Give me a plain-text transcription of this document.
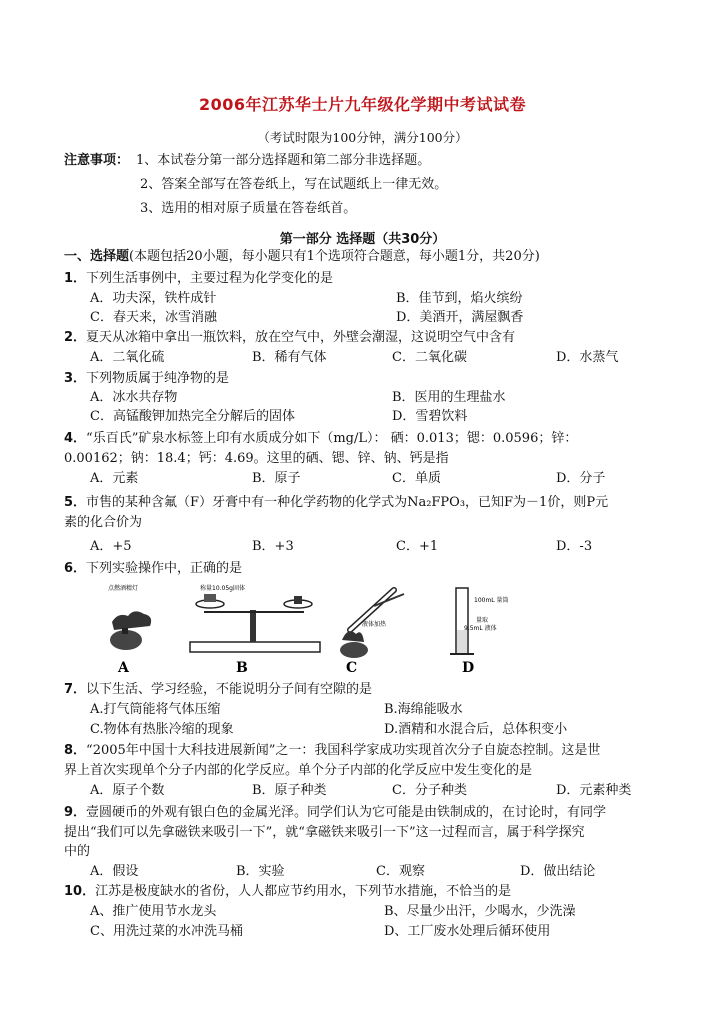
2006年江苏华士片九年级化学期中考试试卷
（考试时限为100分钟，满分100分）
注意事项： 1、本试卷分第一部分选择题和第二部分非选择题。
2、答案全部写在答卷纸上，写在试题纸上一律无效。
3、选用的相对原子质量在答卷纸首。
第一部分 选择题（共30分）
一、选择题(本题包括20小题，每小题只有1个选项符合题意，每小题1分，共20分)
1．下列生活事例中，主要过程为化学变化的是
A．功夫深，铁杵成针	B．佳节到，焰火缤纷
C．春天来，冰雪消融	D．美酒开，满屋飘香
2．夏天从冰箱中拿出一瓶饮料，放在空气中，外壁会潮湿，这说明空气中含有
A．二氧化硫	B．稀有气体	C．二氧化碳	D．水蒸气
3．下列物质属于纯净物的是
A．冰水共存物	B．医用的生理盐水
C．高锰酸钾加热完全分解后的固体	D．雪碧饮料
4．“乐百氏”矿泉水标签上印有水质成分如下（mg/L）： 硒：0.013；锶：0.0596；锌：
0.00162；钠：18.4；钙：4.69。这里的硒、锶、锌、钠、钙是指
A．元素	B．原子	C．单质	D．分子
5．市售的某种含氟（F）牙膏中有一种化学药物的化学式为Na₂FPO₃，已知F为－1价，则P元
素的化合价为
A．+5	B．+3	C．+1	D．-3
6．下列实验操作中，正确的是
点燃酒精灯
A
称量10.05g固体
B
液体加热
C
100mL 量筒
量取
9.5mL 液体
D
7．以下生活、学习经验，不能说明分子间有空隙的是
A.打气筒能将气体压缩	B.海绵能吸水
C.物体有热胀冷缩的现象	D.酒精和水混合后，总体积变小
8．“2005年中国十大科技进展新闻”之一：我国科学家成功实现首次分子自旋态控制。这是世
界上首次实现单个分子内部的化学反应。单个分子内部的化学反应中发生变化的是
A．原子个数	B．原子种类	C．分子种类	D．元素种类
9．壹圆硬币的外观有银白色的金属光泽。同学们认为它可能是由铁制成的，在讨论时，有同学
提出“我们可以先拿磁铁来吸引一下”，就“拿磁铁来吸引一下”这一过程而言，属于科学探究
中的
A．假设	B．实验	C．观察	D．做出结论
10．江苏是极度缺水的省份，人人都应节约用水，下列节水措施，不恰当的是
A、推广使用节水龙头	B、尽量少出汗，少喝水，少洗澡
C、用洗过菜的水冲洗马桶	D、工厂废水处理后循环使用
